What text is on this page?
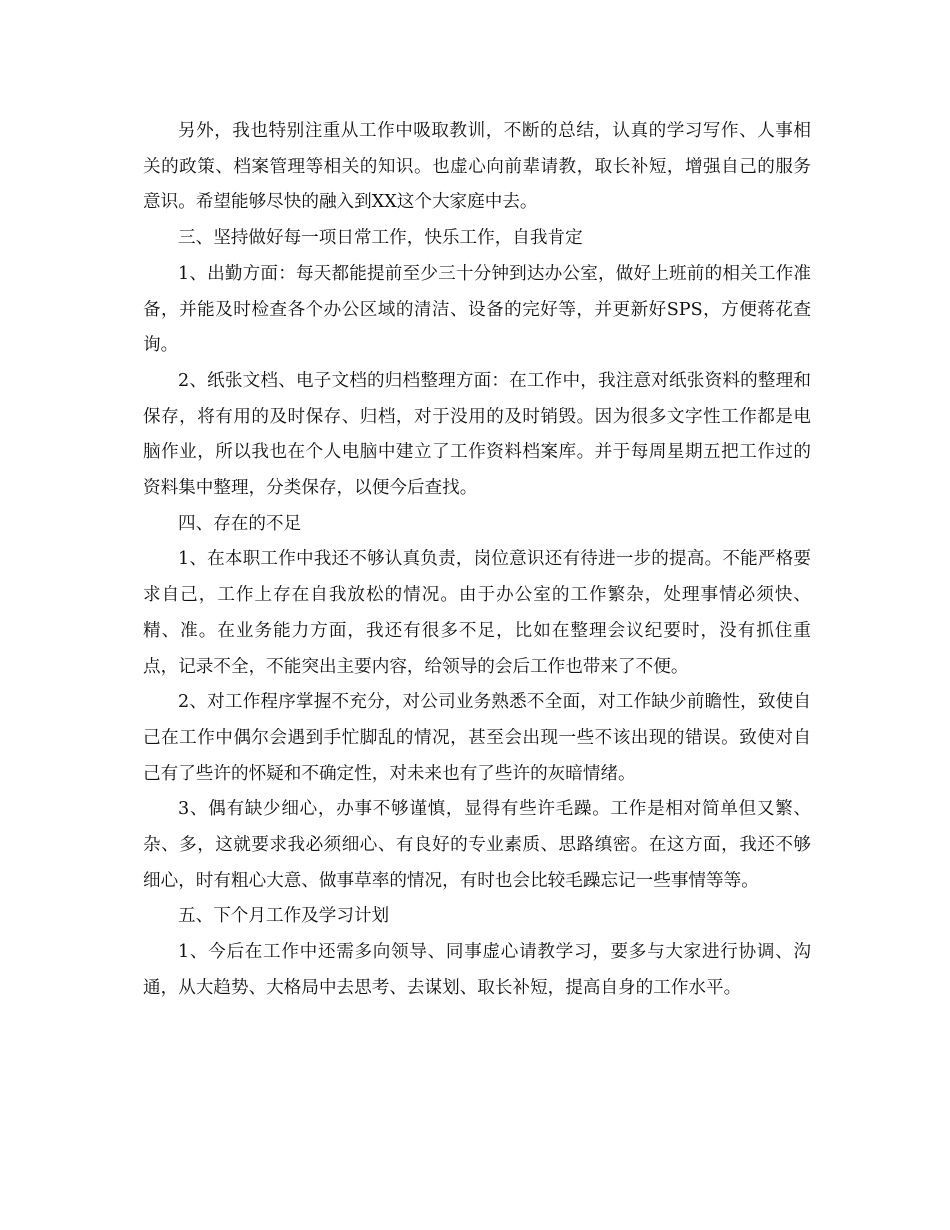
另外，我也特别注重从工作中吸取教训，不断的总结，认真的学习写作、人事相关的政策、档案管理等相关的知识。也虚心向前辈请教，取长补短，增强自己的服务意识。希望能够尽快的融入到XX这个大家庭中去。

三、坚持做好每一项日常工作，快乐工作，自我肯定

1、出勤方面：每天都能提前至少三十分钟到达办公室，做好上班前的相关工作准备，并能及时检查各个办公区域的清洁、设备的完好等，并更新好SPS，方便蒋花查询。

2、纸张文档、电子文档的归档整理方面：在工作中，我注意对纸张资料的整理和保存，将有用的及时保存、归档，对于没用的及时销毁。因为很多文字性工作都是电脑作业，所以我也在个人电脑中建立了工作资料档案库。并于每周星期五把工作过的资料集中整理，分类保存，以便今后查找。

四、存在的不足

1、在本职工作中我还不够认真负责，岗位意识还有待进一步的提高。不能严格要求自己，工作上存在自我放松的情况。由于办公室的工作繁杂，处理事情必须快、精、准。在业务能力方面，我还有很多不足，比如在整理会议纪要时，没有抓住重点，记录不全，不能突出主要内容，给领导的会后工作也带来了不便。

2、对工作程序掌握不充分，对公司业务熟悉不全面，对工作缺少前瞻性，致使自己在工作中偶尔会遇到手忙脚乱的情况，甚至会出现一些不该出现的错误。致使对自己有了些许的怀疑和不确定性，对未来也有了些许的灰暗情绪。

3、偶有缺少细心，办事不够谨慎，显得有些许毛躁。工作是相对简单但又繁、杂、多，这就要求我必须细心、有良好的专业素质、思路缜密。在这方面，我还不够细心，时有粗心大意、做事草率的情况，有时也会比较毛躁忘记一些事情等等。

五、下个月工作及学习计划

1、今后在工作中还需多向领导、同事虚心请教学习，要多与大家进行协调、沟通，从大趋势、大格局中去思考、去谋划、取长补短，提高自身的工作水平。
